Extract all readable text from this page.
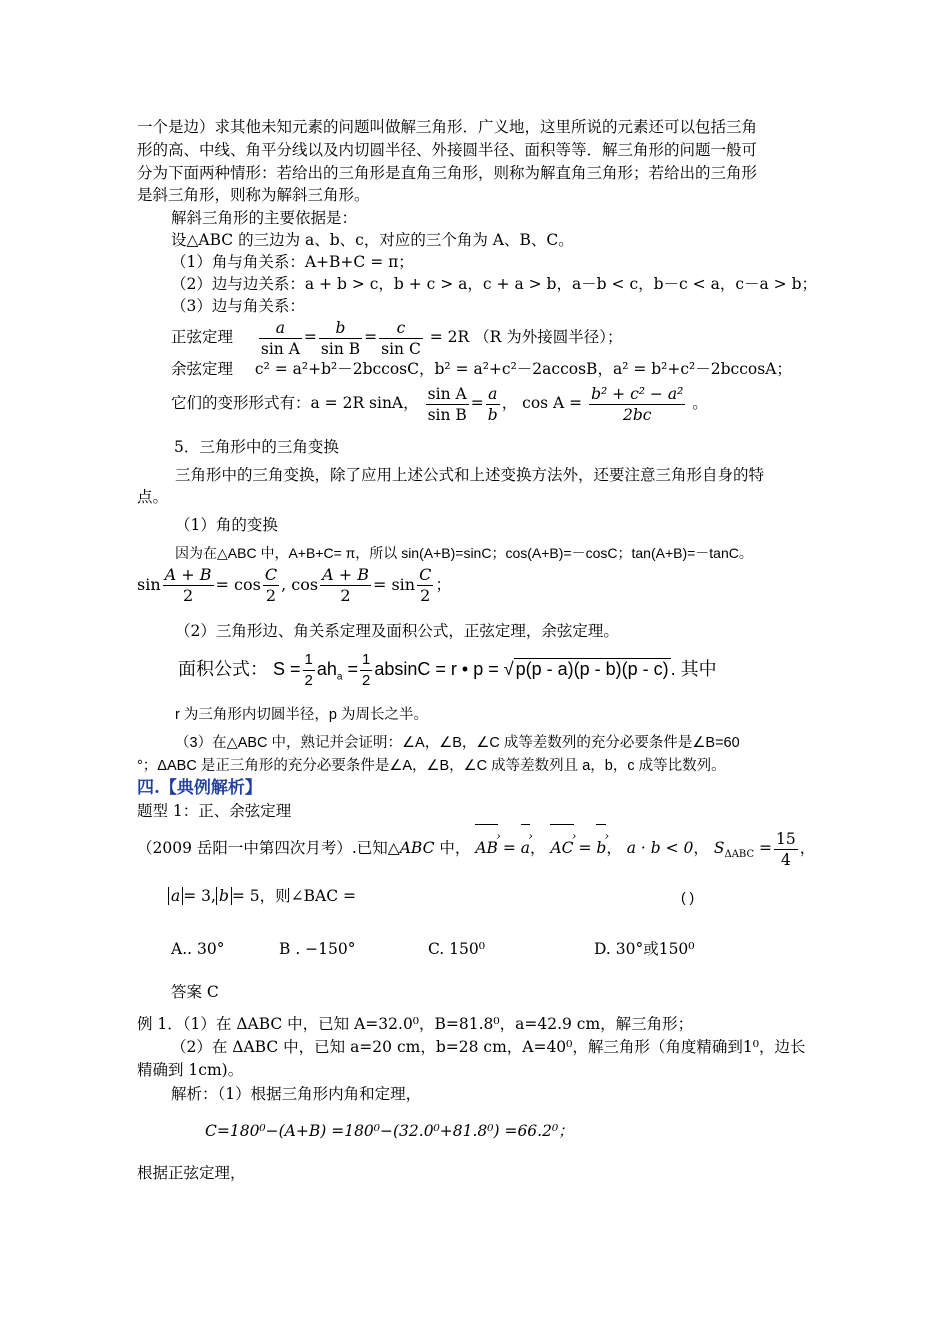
一个是边）求其他未知元素的问题叫做解三角形．广义地，这里所说的元素还可以包括三角
形的高、中线、角平分线以及内切圆半径、外接圆半径、面积等等．解三角形的问题一般可
分为下面两种情形：若给出的三角形是直角三角形，则称为解直角三角形；若给出的三角形
是斜三角形，则称为解斜三角形。
解斜三角形的主要依据是：
设△ABC 的三边为 a、b、c，对应的三个角为 A、B、C。
（1）角与角关系：A+B+C = π；
（2）边与边关系：a + b > c，b + c > a，c + a > b，a－b < c，b－c < a，c－a > b；
（3）边与角关系：
正弦定理 $\frac{a}{\text{sin A}} = \frac{b}{\text{sin B}} = \frac{c}{\text{sin C}} = 2R$ （R 为外接圆半径）；
余弦定理 c² = a²+b²－2bccosC，b² = a²+c²－2accosB，a² = b²+c²－2bccosA；
它们的变形形式有：a = 2R sinA， $\frac{\text{sin A}}{\text{sin B}} = \frac{a}{b}$ ， $\cos A = \frac{\text{b² + c² − a²}}{2bc}$ 。
5．三角形中的三角变换
三角形中的三角变换，除了应用上述公式和上述变换方法外，还要注意三角形自身的特
点。
（1）角的变换
因为在△ABC 中，A+B+C= π，所以 sin(A+B)=sinC；cos(A+B)=－cosC；tan(A+B)=－tanC。
$\sin \frac{A + B}{2} = \cos \frac{C}{2}$ , $\cos \frac{A + B}{2} = \sin \frac{C}{2}$ ；
（2）三角形边、角关系定理及面积公式，正弦定理，余弦定理。
面积公式： $S = \frac{1}{2} ah_a = \frac{1}{2}$ absinC = r • p = √ p(p - a)(p - b)(p - c) . 其中
r 为三角形内切圆半径，p 为周长之半。
（3）在△ABC 中，熟记并会证明：∠A，∠B，∠C 成等差数列的充分必要条件是∠B=60
°；ΔABC 是正三角形的充分必要条件是∠A，∠B，∠C 成等差数列且 a，b，c 成等比数列。
四.【典例解析】
题型 1：正、余弦定理
（2009 岳阳一中第四次月考）.已知△ABC 中， AB › = a ›， AC › = b ›， a · b < 0， $S_{\Delta ABC} = \frac{15}{4}$ ，
a = 3, b = 5，则∠BAC =	( )
A.. 30°	B . −150°	C. 150⁰	D. 30°或150⁰
答案 C
例 1．（1）在 ΔABC 中，已知 A=32.0⁰，B=81.8⁰，a=42.9 cm，解三角形；
（2）在 ΔABC 中，已知 a=20 cm，b=28 cm，A=40⁰，解三角形（角度精确到1⁰，边长
精确到 1cm)。
解析：（1）根据三角形内角和定理，
C=180⁰−(A+B) =180⁰−(32.0⁰+81.8⁰) =66.2⁰；
根据正弦定理，
